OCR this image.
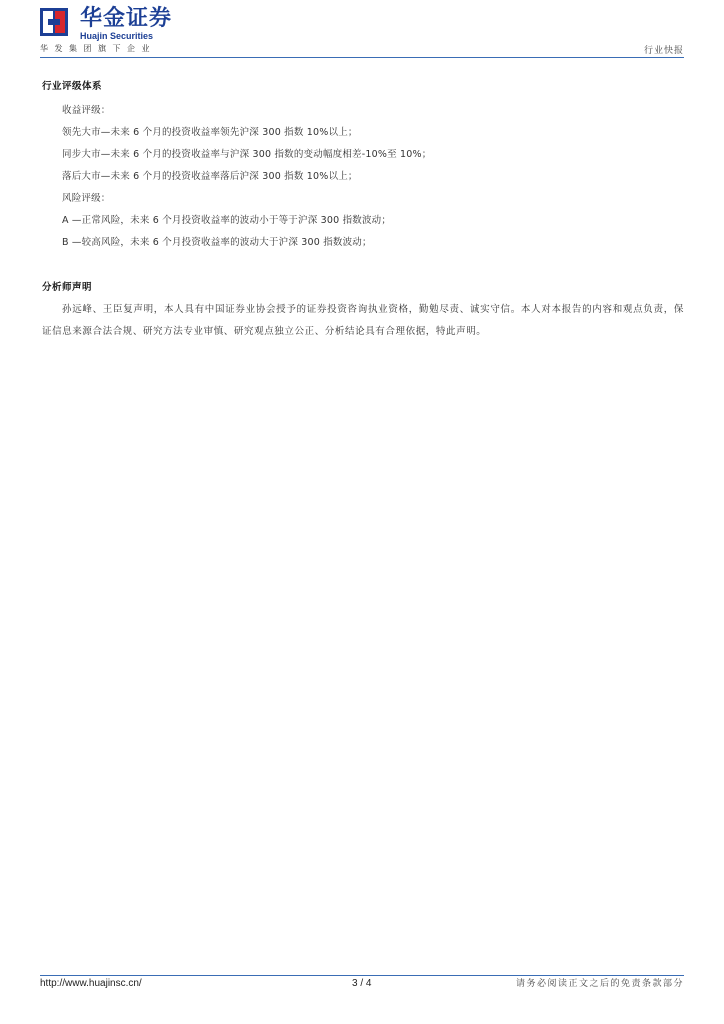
华金证券
Huajin Securities
华发集团旗下企业	行业快报
行业评级体系
收益评级：
领先大市—未来 6 个月的投资收益率领先沪深 300 指数 10%以上；
同步大市—未来 6 个月的投资收益率与沪深 300 指数的变动幅度相差-10%至 10%；
落后大市—未来 6 个月的投资收益率落后沪深 300 指数 10%以上；
风险评级：
A —正常风险，未来 6 个月投资收益率的波动小于等于沪深 300 指数波动；
B —较高风险，未来 6 个月投资收益率的波动大于沪深 300 指数波动；
分析师声明
孙远峰、王臣复声明，本人具有中国证券业协会授予的证券投资咨询执业资格，勤勉尽责、诚实守信。本人对本报告的内容和观点负责，保证信息来源合法合规、研究方法专业审慎、研究观点独立公正、分析结论具有合理依据，特此声明。
http://www.huajinsc.cn/	3 / 4	请务必阅读正文之后的免责条款部分
